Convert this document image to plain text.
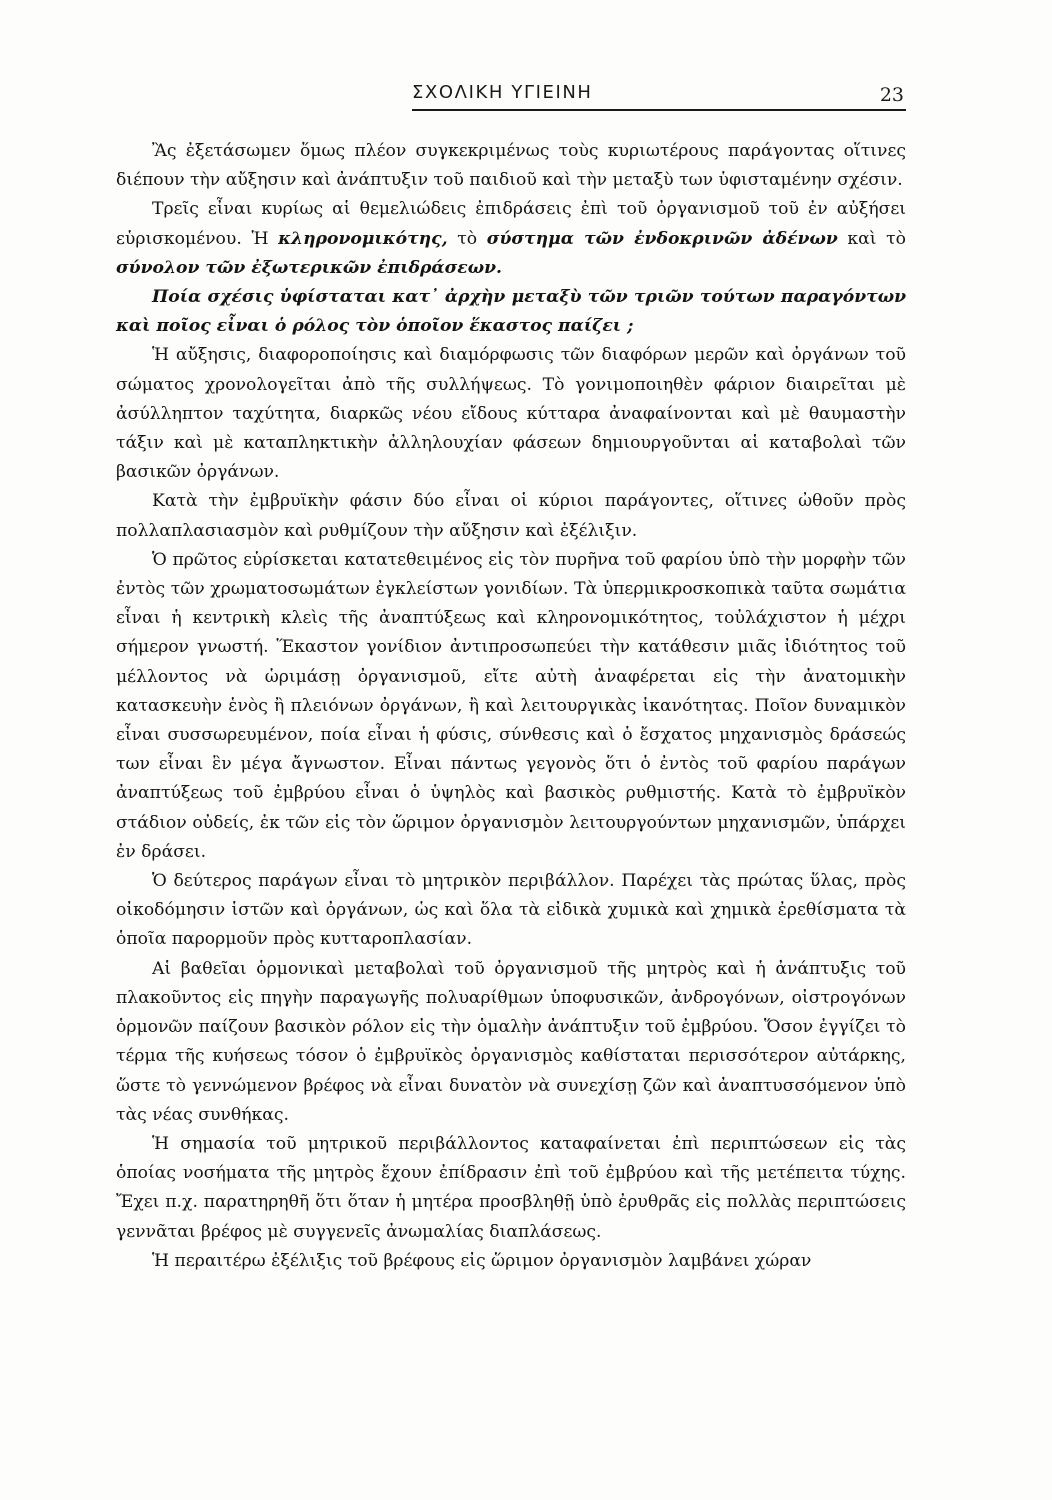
ΣΧΟΛΙΚΗ ΥΓΙΕΙΝΗ	23

Ἂς ἐξετάσωμεν ὅμως πλέον συγκεκριμένως τοὺς κυριωτέρους παράγοντας οἵτινες διέπουν τὴν αὔξησιν καὶ ἀνάπτυξιν τοῦ παιδιοῦ καὶ τὴν μεταξὺ των ὑφισταμένην σχέσιν.

Τρεῖς εἶναι κυρίως αἱ θεμελιώδεις ἐπιδράσεις ἐπὶ τοῦ ὀργανισμοῦ τοῦ ἐν αὐξήσει εὑρισκομένου. Ἡ κληρονομικότης, τὸ σύστημα τῶν ἐνδοκρινῶν ἀδένων καὶ τὸ σύνολον τῶν ἐξωτερικῶν ἐπιδράσεων.

Ποία σχέσις ὑφίσταται κατ᾽ ἀρχὴν μεταξὺ τῶν τριῶν τούτων παραγόντων καὶ ποῖος εἶναι ὁ ρόλος τὸν ὁποῖον ἕκαστος παίζει ;

Ἡ αὔξησις, διαφοροποίησις καὶ διαμόρφωσις τῶν διαφόρων μερῶν καὶ ὀργάνων τοῦ σώματος χρονολογεῖται ἀπὸ τῆς συλλήψεως. Τὸ γονιμοποιηθὲν φάριον διαιρεῖται μὲ ἀσύλληπτον ταχύτητα, διαρκῶς νέου εἴδους κύτταρα ἀναφαίνονται καὶ μὲ θαυμαστὴν τάξιν καὶ μὲ καταπληκτικὴν ἀλληλουχίαν φάσεων δημιουργοῦνται αἱ καταβολαὶ τῶν βασικῶν ὀργάνων.

Κατὰ τὴν ἐμβρυϊκὴν φάσιν δύο εἶναι οἱ κύριοι παράγοντες, οἵτινες ὠθοῦν πρὸς πολλαπλασιασμὸν καὶ ρυθμίζουν τὴν αὔξησιν καὶ ἐξέλιξιν.

Ὁ πρῶτος εὑρίσκεται κατατεθειμένος εἰς τὸν πυρῆνα τοῦ φαρίου ὑπὸ τὴν μορφὴν τῶν ἐντὸς τῶν χρωματοσωμάτων ἐγκλείστων γονιδίων. Τὰ ὑπερμικροσκοπικὰ ταῦτα σωμάτια εἶναι ἡ κεντρικὴ κλεὶς τῆς ἀναπτύξεως καὶ κληρονομικότητος, τοὐλάχιστον ἡ μέχρι σήμερον γνωστή. Ἕκαστον γονίδιον ἀντιπροσωπεύει τὴν κατάθεσιν μιᾶς ἰδιότητος τοῦ μέλλοντος νὰ ὡριμάσῃ ὀργανισμοῦ, εἴτε αὐτὴ ἀναφέρεται εἰς τὴν ἀνατομικὴν κατασκευὴν ἑνὸς ἢ πλειόνων ὀργάνων, ἢ καὶ λειτουργικὰς ἱκανότητας. Ποῖον δυναμικὸν εἶναι συσσωρευμένον, ποία εἶναι ἡ φύσις, σύνθεσις καὶ ὁ ἔσχατος μηχανισμὸς δράσεώς των εἶναι ἓν μέγα ἄγνωστον. Εἶναι πάντως γεγονὸς ὅτι ὁ ἐντὸς τοῦ φαρίου παράγων ἀναπτύξεως τοῦ ἐμβρύου εἶναι ὁ ὑψηλὸς καὶ βασικὸς ρυθμιστής. Κατὰ τὸ ἐμβρυϊκὸν στάδιον οὐδείς, ἐκ τῶν εἰς τὸν ὥριμον ὀργανισμὸν λειτουργούντων μηχανισμῶν, ὑπάρχει ἐν δράσει.

Ὁ δεύτερος παράγων εἶναι τὸ μητρικὸν περιβάλλον. Παρέχει τὰς πρώτας ὕλας, πρὸς οἰκοδόμησιν ἱστῶν καὶ ὀργάνων, ὡς καὶ ὅλα τὰ εἰδικὰ χυμικὰ καὶ χημικὰ ἐρεθίσματα τὰ ὁποῖα παρορμοῦν πρὸς κυτταροπλασίαν.

Αἱ βαθεῖαι ὁρμονικαὶ μεταβολαὶ τοῦ ὀργανισμοῦ τῆς μητρὸς καὶ ἡ ἀνάπτυξις τοῦ πλακοῦντος εἰς πηγὴν παραγωγῆς πολυαρίθμων ὑποφυσικῶν, ἀνδρογόνων, οἰστρογόνων ὁρμονῶν παίζουν βασικὸν ρόλον εἰς τὴν ὁμαλὴν ἀνάπτυξιν τοῦ ἐμβρύου. Ὅσον ἐγγίζει τὸ τέρμα τῆς κυήσεως τόσον ὁ ἐμβρυϊκὸς ὀργανισμὸς καθίσταται περισσότερον αὐτάρκης, ὥστε τὸ γεννώμενον βρέφος νὰ εἶναι δυνατὸν νὰ συνεχίσῃ ζῶν καὶ ἀναπτυσσόμενον ὑπὸ τὰς νέας συνθήκας.

Ἡ σημασία τοῦ μητρικοῦ περιβάλλοντος καταφαίνεται ἐπὶ περιπτώσεων εἰς τὰς ὁποίας νοσήματα τῆς μητρὸς ἔχουν ἐπίδρασιν ἐπὶ τοῦ ἐμβρύου καὶ τῆς μετέπειτα τύχης. Ἔχει π.χ. παρατηρηθῆ ὅτι ὅταν ἡ μητέρα προσβληθῇ ὑπὸ ἐρυθρᾶς εἰς πολλὰς περιπτώσεις γεννᾶται βρέφος μὲ συγγενεῖς ἀνωμαλίας διαπλάσεως.

Ἡ περαιτέρω ἐξέλιξις τοῦ βρέφους εἰς ὥριμον ὀργανισμὸν λαμβάνει χώραν
